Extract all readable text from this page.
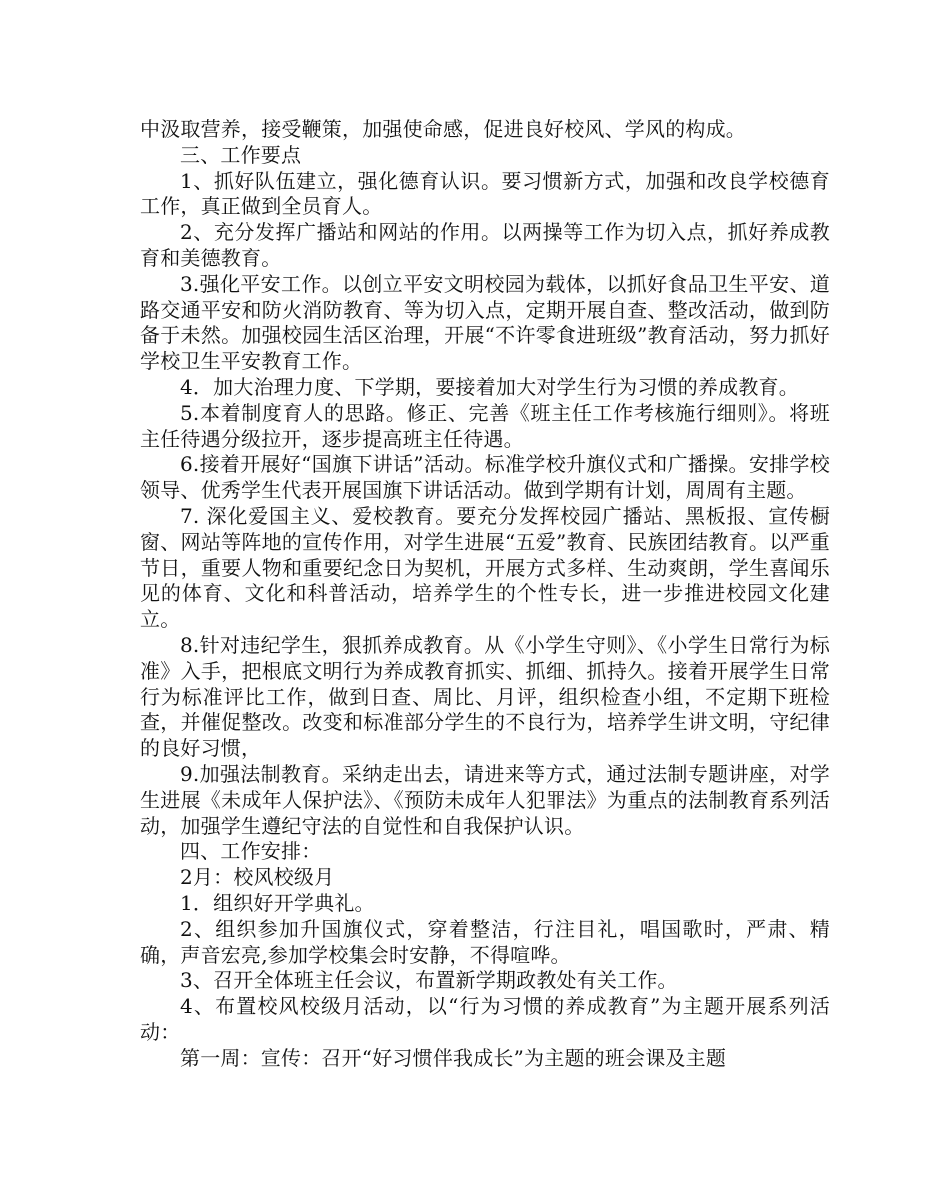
中汲取营养，接受鞭策，加强使命感，促进良好校风、学风的构成。

三、工作要点

1、抓好队伍建立，强化德育认识。要习惯新方式，加强和改良学校德育工作，真正做到全员育人。

2、充分发挥广播站和网站的作用。以两操等工作为切入点，抓好养成教育和美德教育。

3.强化平安工作。以创立平安文明校园为载体，以抓好食品卫生平安、道路交通平安和防火消防教育、等为切入点，定期开展自查、整改活动，做到防备于未然。加强校园生活区治理，开展“不许零食进班级”教育活动，努力抓好学校卫生平安教育工作。

4．加大治理力度、下学期，要接着加大对学生行为习惯的养成教育。

5.本着制度育人的思路。修正、完善《班主任工作考核施行细则》。将班主任待遇分级拉开，逐步提高班主任待遇。

6.接着开展好“国旗下讲话”活动。标准学校升旗仪式和广播操。安排学校领导、优秀学生代表开展国旗下讲话活动。做到学期有计划，周周有主题。

7. 深化爱国主义、爱校教育。要充分发挥校园广播站、黑板报、宣传橱窗、网站等阵地的宣传作用，对学生进展“五爱”教育、民族团结教育。以严重节日，重要人物和重要纪念日为契机，开展方式多样、生动爽朗，学生喜闻乐见的体育、文化和科普活动，培养学生的个性专长，进一步推进校园文化建立。

8.针对违纪学生，狠抓养成教育。从《小学生守则》、《小学生日常行为标准》入手，把根底文明行为养成教育抓实、抓细、抓持久。接着开展学生日常行为标准评比工作，做到日查、周比、月评，组织检查小组，不定期下班检查，并催促整改。改变和标准部分学生的不良行为，培养学生讲文明，守纪律的良好习惯，

9.加强法制教育。采纳走出去，请进来等方式，通过法制专题讲座，对学生进展《未成年人保护法》、《预防未成年人犯罪法》为重点的法制教育系列活动，加强学生遵纪守法的自觉性和自我保护认识。

四、工作安排：

2月：校风校级月

1．组织好开学典礼。

2、组织参加升国旗仪式，穿着整洁，行注目礼，唱国歌时，严肃、精确，声音宏亮,参加学校集会时安静，不得喧哗。

3、召开全体班主任会议，布置新学期政教处有关工作。

4、布置校风校级月活动，以“行为习惯的养成教育”为主题开展系列活动：

第一周：宣传：召开“好习惯伴我成长”为主题的班会课及主题
